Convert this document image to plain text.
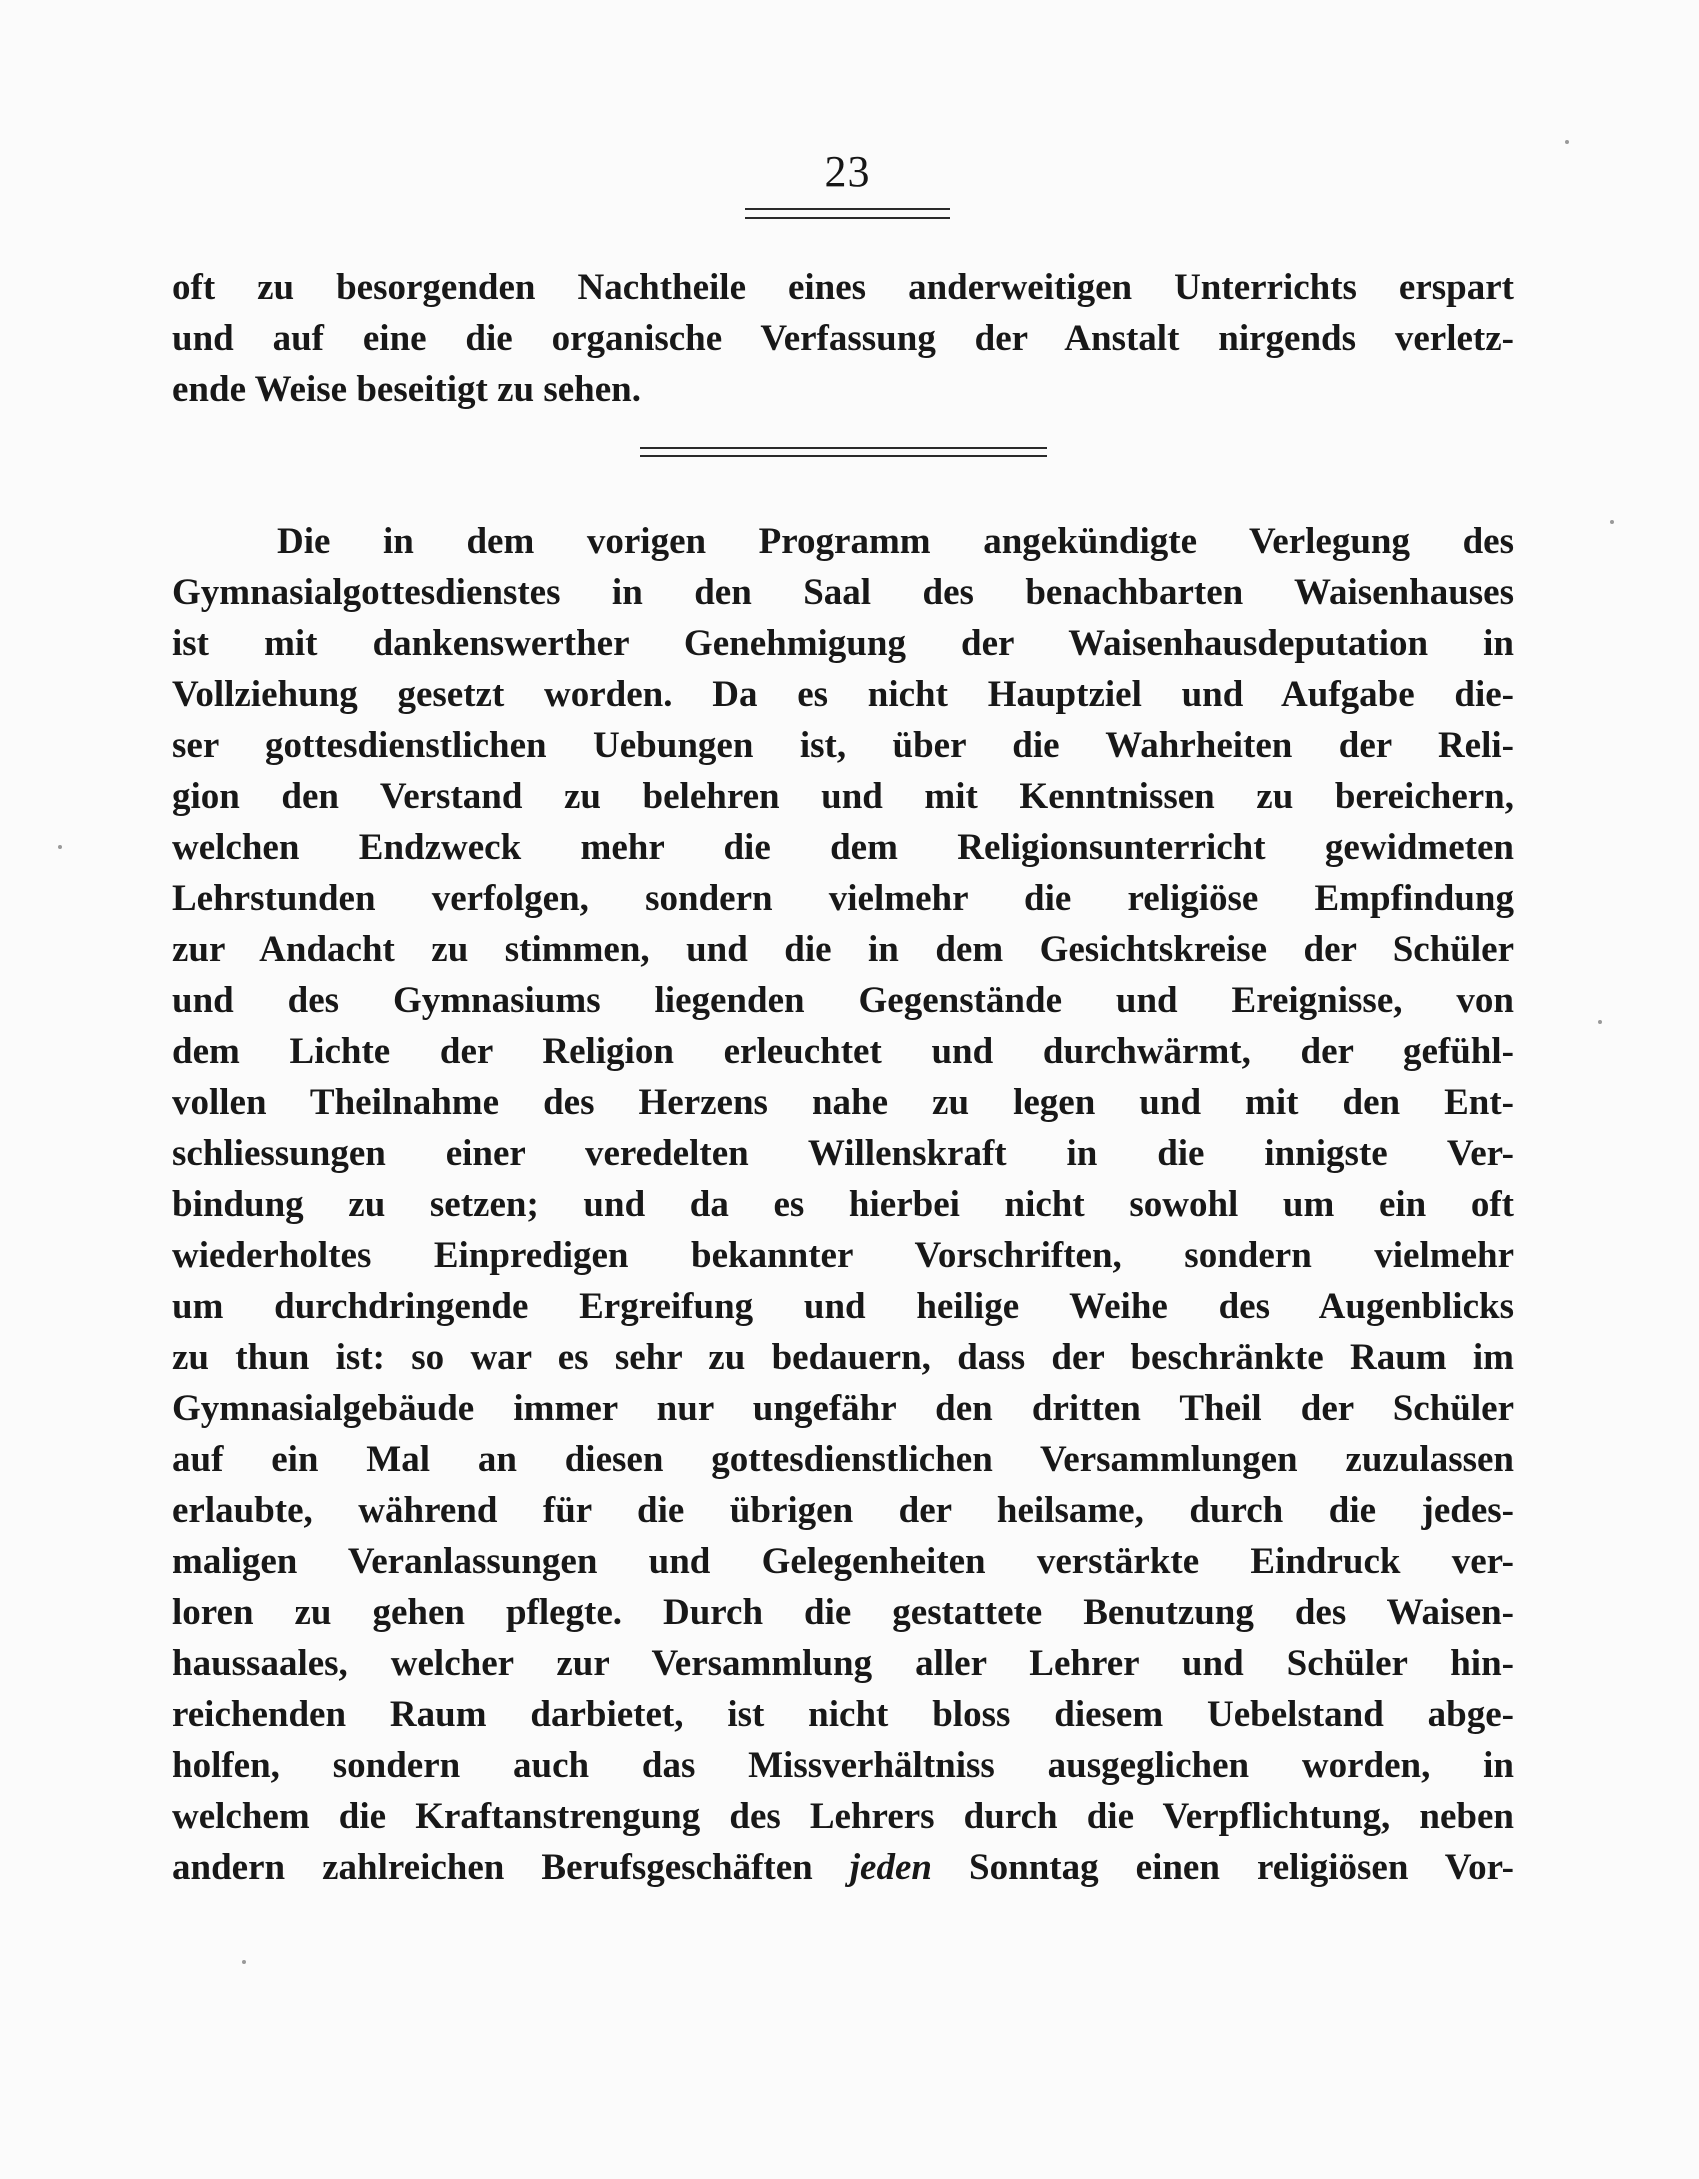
23
oft zu besorgenden Nachtheile eines anderweitigen Unterrichts erspart
und auf eine die organische Verfassung der Anstalt nirgends verletz-
ende Weise beseitigt zu sehen.
Die in dem vorigen Programm angekündigte Verlegung des
Gymnasialgottesdienstes in den Saal des benachbarten Waisenhauses
ist mit dankenswerther Genehmigung der Waisenhausdeputation in
Vollziehung gesetzt worden. Da es nicht Hauptziel und Aufgabe die-
ser gottesdienstlichen Uebungen ist, über die Wahrheiten der Reli-
gion den Verstand zu belehren und mit Kenntnissen zu bereichern,
welchen Endzweck mehr die dem Religionsunterricht gewidmeten
Lehrstunden verfolgen, sondern vielmehr die religiöse Empfindung
zur Andacht zu stimmen, und die in dem Gesichtskreise der Schüler
und des Gymnasiums liegenden Gegenstände und Ereignisse, von
dem Lichte der Religion erleuchtet und durchwärmt, der gefühl-
vollen Theilnahme des Herzens nahe zu legen und mit den Ent-
schliessungen einer veredelten Willenskraft in die innigste Ver-
bindung zu setzen; und da es hierbei nicht sowohl um ein oft
wiederholtes Einpredigen bekannter Vorschriften, sondern vielmehr
um durchdringende Ergreifung und heilige Weihe des Augenblicks
zu thun ist: so war es sehr zu bedauern, dass der beschränkte Raum im
Gymnasialgebäude immer nur ungefähr den dritten Theil der Schüler
auf ein Mal an diesen gottesdienstlichen Versammlungen zuzulassen
erlaubte, während für die übrigen der heilsame, durch die jedes-
maligen Veranlassungen und Gelegenheiten verstärkte Eindruck ver-
loren zu gehen pflegte. Durch die gestattete Benutzung des Waisen-
haussaales, welcher zur Versammlung aller Lehrer und Schüler hin-
reichenden Raum darbietet, ist nicht bloss diesem Uebelstand abge-
holfen, sondern auch das Missverhältniss ausgeglichen worden, in
welchem die Kraftanstrengung des Lehrers durch die Verpflichtung, neben
andern zahlreichen Berufsgeschäften jeden Sonntag einen religiösen Vor-
